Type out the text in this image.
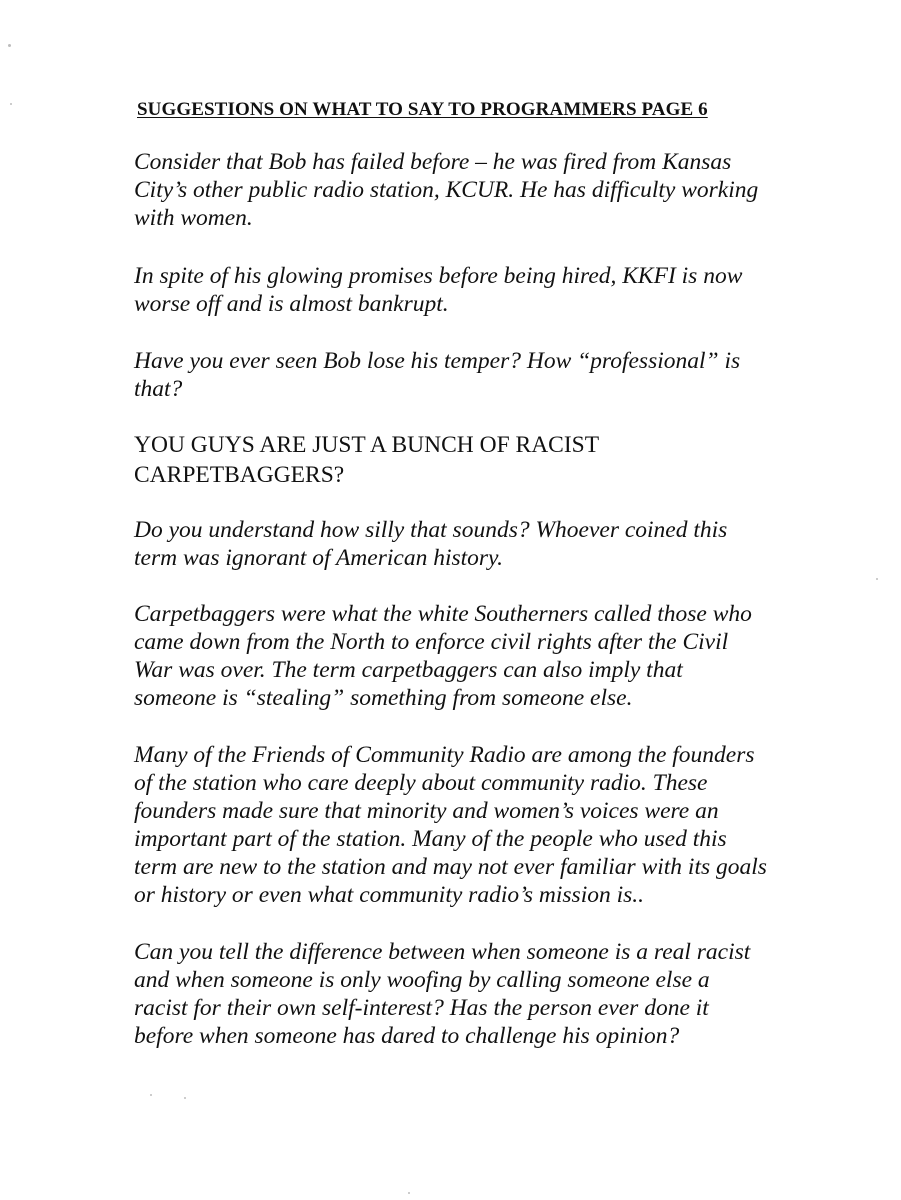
SUGGESTIONS ON WHAT TO SAY TO PROGRAMMERS PAGE 6

Consider that Bob has failed before – he was fired from Kansas
City’s other public radio station, KCUR. He has difficulty working
with women.

In spite of his glowing promises before being hired, KKFI is now
worse off and is almost bankrupt.

Have you ever seen Bob lose his temper? How “professional” is
that?

YOU GUYS ARE JUST A BUNCH OF RACIST
CARPETBAGGERS?

Do you understand how silly that sounds? Whoever coined this
term was ignorant of American history.

Carpetbaggers were what the white Southerners called those who
came down from the North to enforce civil rights after the Civil
War was over. The term carpetbaggers can also imply that
someone is “stealing” something from someone else.

Many of the Friends of Community Radio are among the founders
of the station who care deeply about community radio. These
founders made sure that minority and women’s voices were an
important part of the station. Many of the people who used this
term are new to the station and may not ever familiar with its goals
or history or even what community radio’s mission is..

Can you tell the difference between when someone is a real racist
and when someone is only woofing by calling someone else a
racist for their own self-interest? Has the person ever done it
before when someone has dared to challenge his opinion?
